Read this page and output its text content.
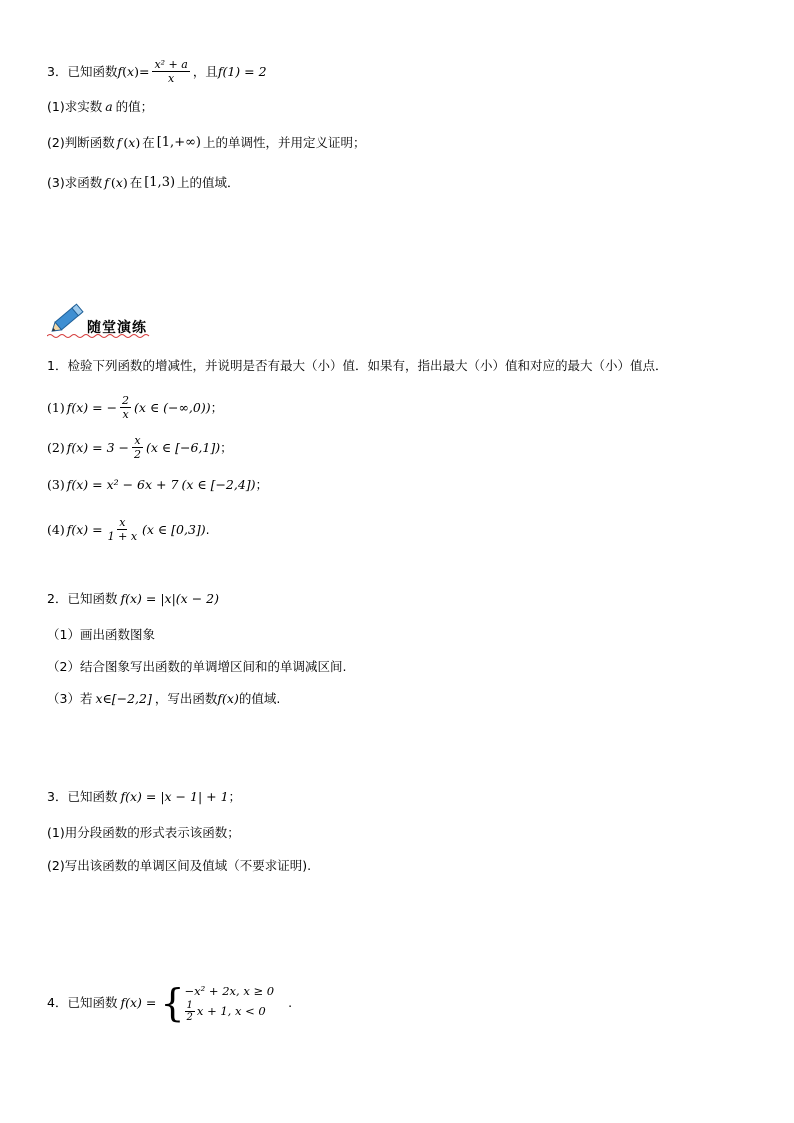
3． 已知函数 f ( x ) = $\frac{\text{x² + a}}{x}$ ，且 f(1) = 2
(1)求实数 a 的值；
(2)判断函数 f ( x ) 在 [1,+∞) 上的单调性，并用定义证明；
(3)求函数 f ( x ) 在 [1,3) 上的值域．
随堂演练
1． 检验下列函数的增减性，并说明是否有最大（小）值．如果有，指出最大（小）值和对应的最大（小）值点．
(1) f(x) = − $\frac{2}{x} (x$ ∈ (−∞,0)) ；
(2) $f(x) = 3 - \frac{x}{2} (x$ ∈ [−6,1]) ；
(3) f(x) = x² − 6x + 7 (x ∈ [−2,4]) ；
(4) $f(x) = \frac{x}{1 + x} (x$ ∈ [0,3]) .
2． 已知函数 f(x) = |x|(x − 2)
（1）画出函数图象
（2）结合图象写出函数的单调增区间和的单调减区间.
（3）若 x∈[−2,2] ，写出函数 f(x) 的值域.
3． 已知函数 f(x) = |x − 1| + 1 ；
(1)用分段函数的形式表示该函数；
(2)写出该函数的单调区间及值域（不要求证明).
4． 已知函数 f(x) = { −x² + 2x, x ≥ 0
$\frac{1}{2}$ x + 1, x < 0
.
